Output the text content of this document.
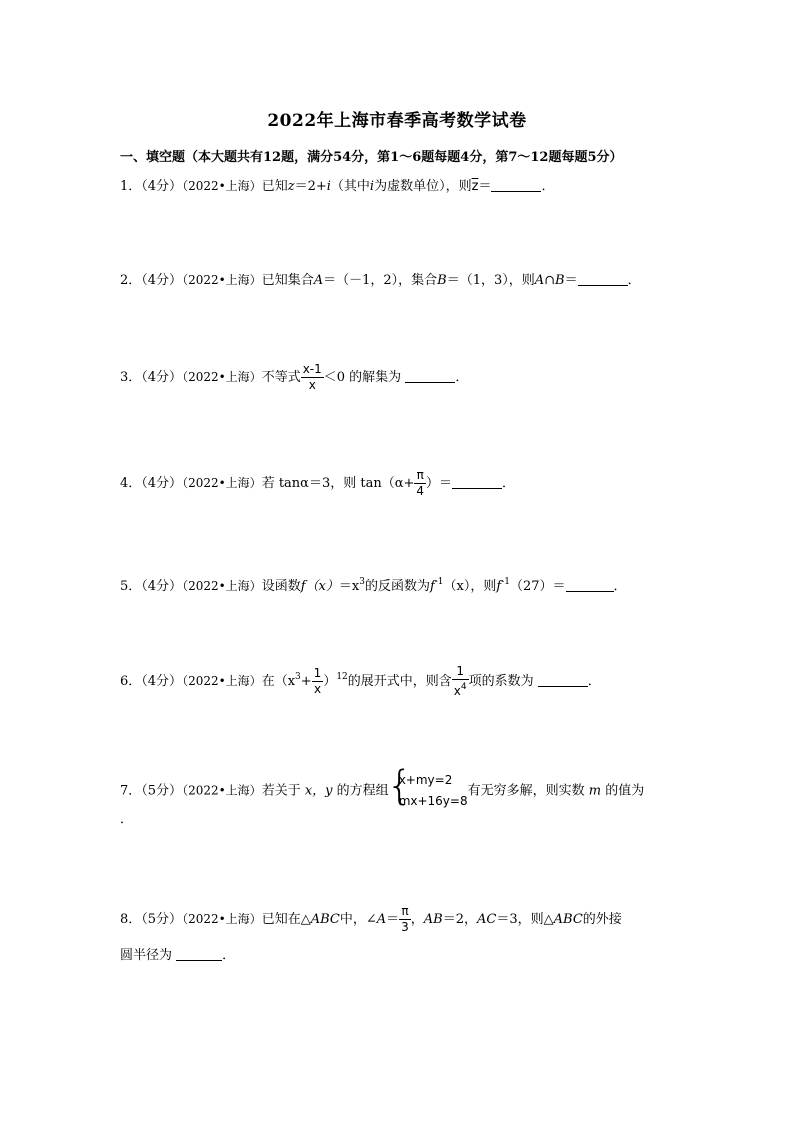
2022年上海市春季高考数学试卷
一、填空题（本大题共有12题，满分54分，第1～6题每题4分，第7～12题每题5分）
1．（4分）（2022•上海）已知z＝2+i（其中i为虚数单位），则$\overline{z}=$	．
2．（4分）（2022•上海）已知集合A＝（－1，2），集合B＝（1，3），则A∩B＝	．
3．（4分）（2022•上海）不等式 $\frac{x-1}{x} <0$ 的解集为	．
4．（4分）（2022•上海）若 tanα＝3，则 $\tan(\alpha+ \frac{\pi}{4}$ ）＝	．
5．（4分）（2022•上海）设函数$f(x)=x^3$的反函数为$f^{-1}(x)$，则$f^{-1}(27)=$	．
6．（4分）（2022•上海）在$(x^3+ \frac{1}{x} )^{12}$的展开式中，则含 $\frac{1}{x^4}$ 项的系数为	．
7．（5分）（2022•上海）若关于 x，y 的方程组
{
x+my=2
mx+16y=8
有无穷多解，则实数 m 的值为
．
8．（5分）（2022•上海）已知在△ABC中，∠A＝ $\frac{\pi}{3}$ ，AB＝2，AC＝3，则△ABC的外接
圆半径为	．
